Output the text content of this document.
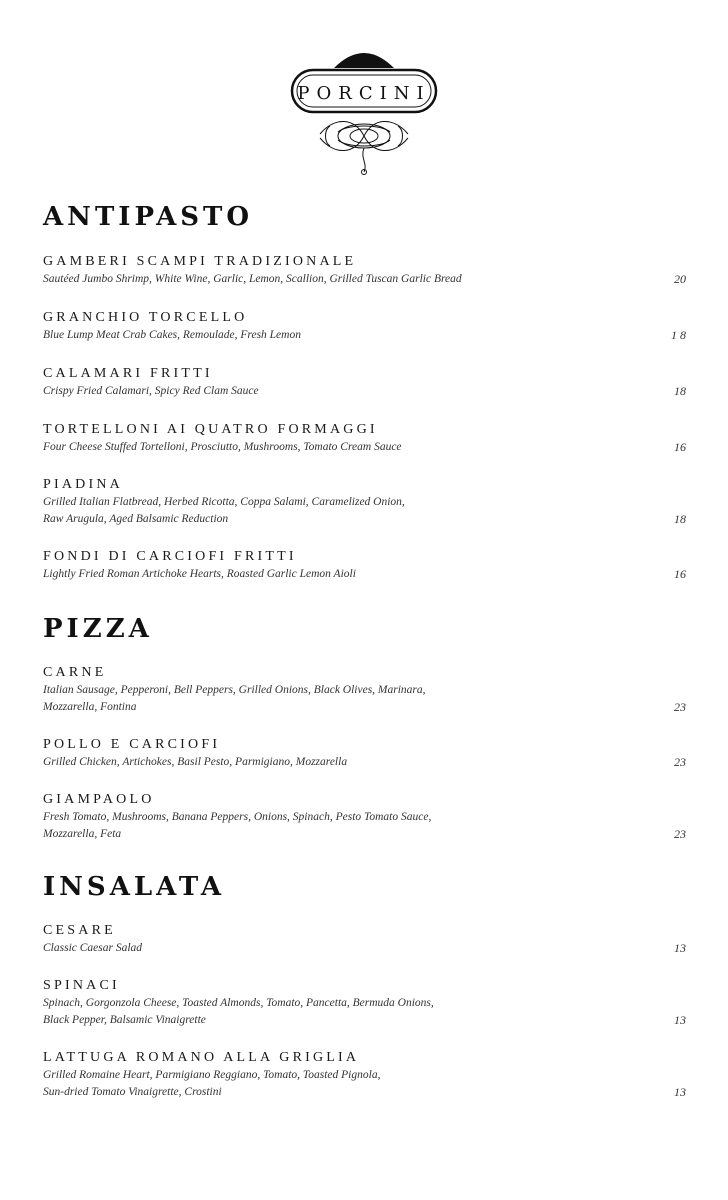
PORCINI
ANTIPASTO
GAMBERI SCAMPI TRADIZIONALE
Sautéed Jumbo Shrimp, White Wine, Garlic, Lemon, Scallion, Grilled Tuscan Garlic Bread	20
GRANCHIO TORCELLO
Blue Lump Meat Crab Cakes, Remoulade, Fresh Lemon	1 8
CALAMARI FRITTI
Crispy Fried Calamari, Spicy Red Clam Sauce	18
TORTELLONI AI QUATRO FORMAGGI
Four Cheese Stuffed Tortelloni, Prosciutto, Mushrooms, Tomato Cream Sauce	16
PIADINA
Grilled Italian Flatbread, Herbed Ricotta, Coppa Salami, Caramelized Onion,
Raw Arugula, Aged Balsamic Reduction	18
FONDI DI CARCIOFI FRITTI
Lightly Fried Roman Artichoke Hearts, Roasted Garlic Lemon Aioli	16
PIZZA
CARNE
Italian Sausage, Pepperoni, Bell Peppers, Grilled Onions, Black Olives, Marinara,
Mozzarella, Fontina	23
POLLO E CARCIOFI
Grilled Chicken, Artichokes, Basil Pesto, Parmigiano, Mozzarella	23
GIAMPAOLO
Fresh Tomato, Mushrooms, Banana Peppers, Onions, Spinach, Pesto Tomato Sauce,
Mozzarella, Feta	23
INSALATA
CESARE
Classic Caesar Salad	13
SPINACI
Spinach, Gorgonzola Cheese, Toasted Almonds, Tomato, Pancetta, Bermuda Onions,
Black Pepper, Balsamic Vinaigrette	13
LATTUGA ROMANO ALLA GRIGLIA
Grilled Romaine Heart, Parmigiano Reggiano, Tomato, Toasted Pignola,
Sun-dried Tomato Vinaigrette, Crostini	13
